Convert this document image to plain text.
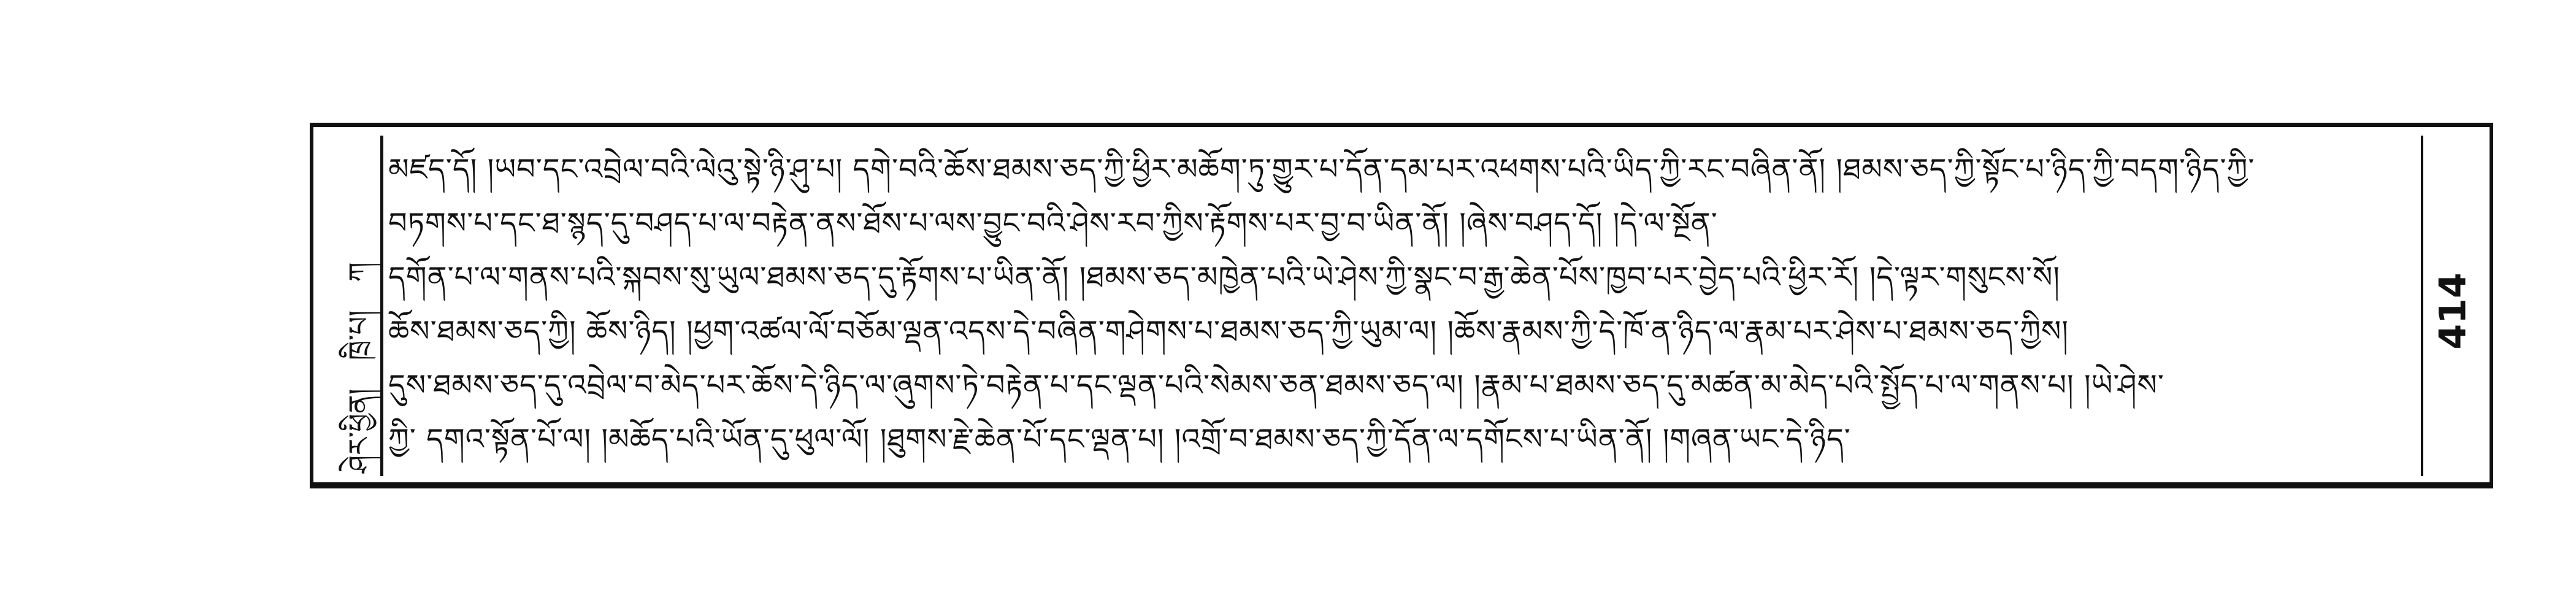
ཤེར་ཕྱིན།
ཁྲི་པ།
ཀ
མཛད་དོ། །ཡབ་དང་འབྲེལ་བའི་ལེའུ་སྟེ་ཉི་ཤུ་པ། དགེ་བའི་ཆོས་ཐམས་ཅད་ཀྱི་ཕྱིར་མཆོག་ཏུ་གྱུར་པ་དོན་དམ་པར་འཕགས་པའི་ཡིད་ཀྱི་རང་བཞིན་ནོ། །ཐམས་ཅད་ཀྱི་སྟོང་པ་ཉིད་ཀྱི་བདག་ཉིད་ཀྱི་
བཏགས་པ་དང་ཐ་སྙད་དུ་བཤད་པ་ལ་བརྟེན་ནས་ཐོས་པ་ལས་བྱུང་བའི་ཤེས་རབ་ཀྱིས་རྟོགས་པར་བྱ་བ་ཡིན་ནོ། །ཞེས་བཤད་དོ། །དེ་ལ་སྔོན་
དགོན་པ་ལ་གནས་པའི་སྐབས་སུ་ཡུལ་ཐམས་ཅད་དུ་རྟོགས་པ་ཡིན་ནོ། །ཐམས་ཅད་མཁྱེན་པའི་ཡེ་ཤེས་ཀྱི་སྣང་བ་རྒྱ་ཆེན་པོས་ཁྱབ་པར་བྱེད་པའི་ཕྱིར་རོ། །དེ་ལྟར་གསུངས་སོ།
ཆོས་ཐམས་ཅད་ཀྱི། ཆོས་ཉིད། །ཕྱག་འཚལ་ལོ་བཅོམ་ལྡན་འདས་དེ་བཞིན་གཤེགས་པ་ཐམས་ཅད་ཀྱི་ཡུམ་ལ། །ཆོས་རྣམས་ཀྱི་དེ་ཁོ་ན་ཉིད་ལ་རྣམ་པར་ཤེས་པ་ཐམས་ཅད་ཀྱིས།
དུས་ཐམས་ཅད་དུ་འབྲེལ་བ་མེད་པར་ཆོས་དེ་ཉིད་ལ་ཞུགས་ཏེ་བརྟེན་པ་དང་ལྡན་པའི་སེམས་ཅན་ཐམས་ཅད་ལ། །རྣམ་པ་ཐམས་ཅད་དུ་མཚན་མ་མེད་པའི་སྤྱོད་པ་ལ་གནས་པ། །ཡེ་ཤེས་
ཀྱི་ དགའ་སྟོན་པོ་ལ། །མཆོད་པའི་ཡོན་དུ་ཕུལ་ལོ། །ཐུགས་རྗེ་ཆེན་པོ་དང་ལྡན་པ། །འགྲོ་བ་ཐམས་ཅད་ཀྱི་དོན་ལ་དགོངས་པ་ཡིན་ནོ། །གཞན་ཡང་དེ་ཉིད་
414
